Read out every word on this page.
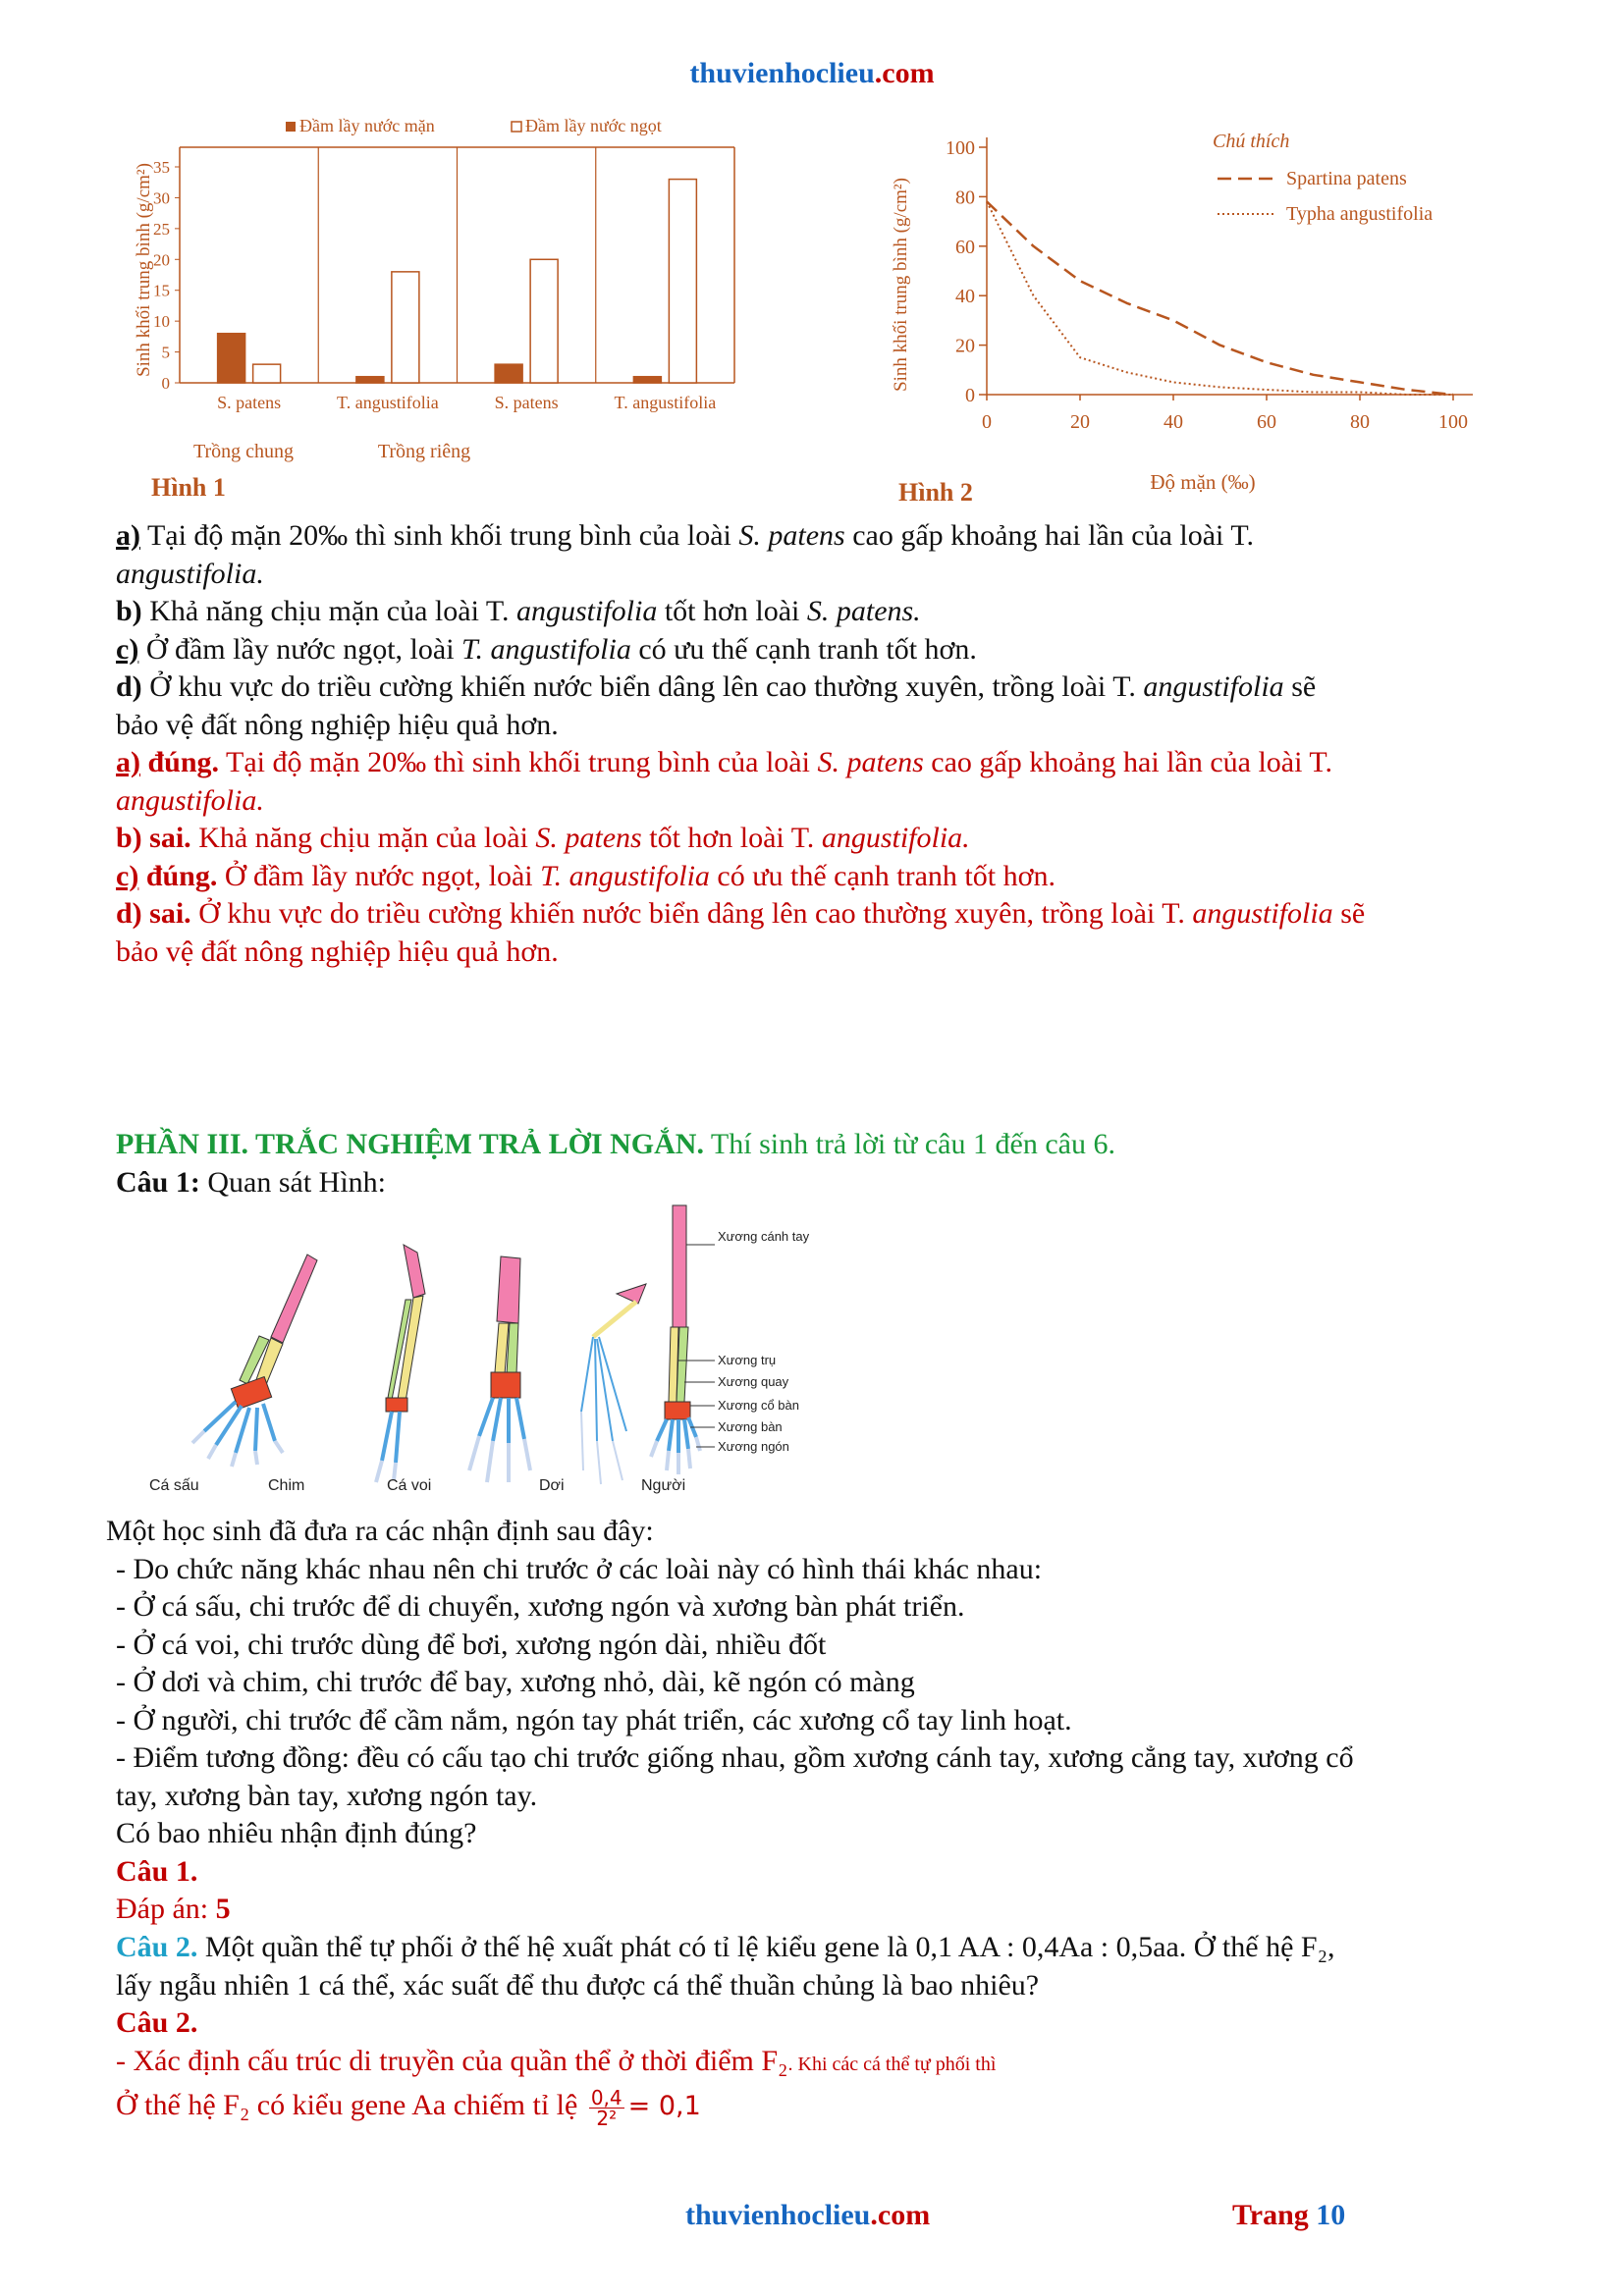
thuvienhoclieu.com
Đầm lầy nước mặn	Đầm lầy nước ngọt
Sinh khối trung bình (g/cm²)
0
5
10
15
20
25
30
35
S. patens	T. angustifolia	S. patens	T. angustifolia
Trồng chung	Trồng riêng
Hình 1
Sinh khối trung bình (g/cm²)
0
20
40
60
80
100
0	20	40	60	80	100
Chú thích
Spartina patens
Typha angustifolia
Độ mặn (‰)
Hình 2
a) Tại độ mặn 20‰ thì sinh khối trung bình của loài S. patens cao gấp khoảng hai lần của loài T.
angustifolia.
b) Khả năng chịu mặn của loài T. angustifolia tốt hơn loài S. patens.
c) Ở đầm lầy nước ngọt, loài T. angustifolia có ưu thế cạnh tranh tốt hơn.
d) Ở khu vực do triều cường khiến nước biển dâng lên cao thường xuyên, trồng loài T. angustifolia sẽ
bảo vệ đất nông nghiệp hiệu quả hơn.
a) đúng. Tại độ mặn 20‰ thì sinh khối trung bình của loài S. patens cao gấp khoảng hai lần của loài T.
angustifolia.
b) sai. Khả năng chịu mặn của loài S. patens tốt hơn loài T. angustifolia.
c) đúng. Ở đầm lầy nước ngọt, loài T. angustifolia có ưu thế cạnh tranh tốt hơn.
d) sai. Ở khu vực do triều cường khiến nước biển dâng lên cao thường xuyên, trồng loài T. angustifolia sẽ
bảo vệ đất nông nghiệp hiệu quả hơn.
PHẦN III. TRẮC NGHIỆM TRẢ LỜI NGẮN. Thí sinh trả lời từ câu 1 đến câu 6.
Câu 1: Quan sát Hình:
Xương cánh tay
Xương trụ
Xương quay
Xương cổ bàn
Xương bàn
Xương ngón
Cá sấu	Chim	Cá voi	Dơi	Người
Một học sinh đã đưa ra các nhận định sau đây:
- Do chức năng khác nhau nên chi trước ở các loài này có hình thái khác nhau:
- Ở cá sấu, chi trước để di chuyển, xương ngón và xương bàn phát triển.
- Ở cá voi, chi trước dùng để bơi, xương ngón dài, nhiều đốt
- Ở dơi và chim, chi trước để bay, xương nhỏ, dài, kẽ ngón có màng
- Ở người, chi trước để cầm nắm, ngón tay phát triển, các xương cổ tay linh hoạt.
- Điểm tương đồng: đều có cấu tạo chi trước giống nhau, gồm xương cánh tay, xương cẳng tay, xương cổ
tay, xương bàn tay, xương ngón tay.
Có bao nhiêu nhận định đúng?
Câu 1.
Đáp án: 5
Câu 2. Một quần thể tự phối ở thế hệ xuất phát có tỉ lệ kiểu gene là 0,1 AA : 0,4Aa : 0,5aa. Ở thế hệ F₂,
lấy ngẫu nhiên 1 cá thể, xác suất để thu được cá thể thuần chủng là bao nhiêu?
Câu 2.
- Xác định cấu trúc di truyền của quần thể ở thời điểm F₂. Khi các cá thể tự phối thì
Ở thế hệ F₂ có kiểu gene Aa chiếm tỉ lệ $\frac{0,4}{\text{2²}} = 0,1$
thuvienhoclieu.com	Trang 10
